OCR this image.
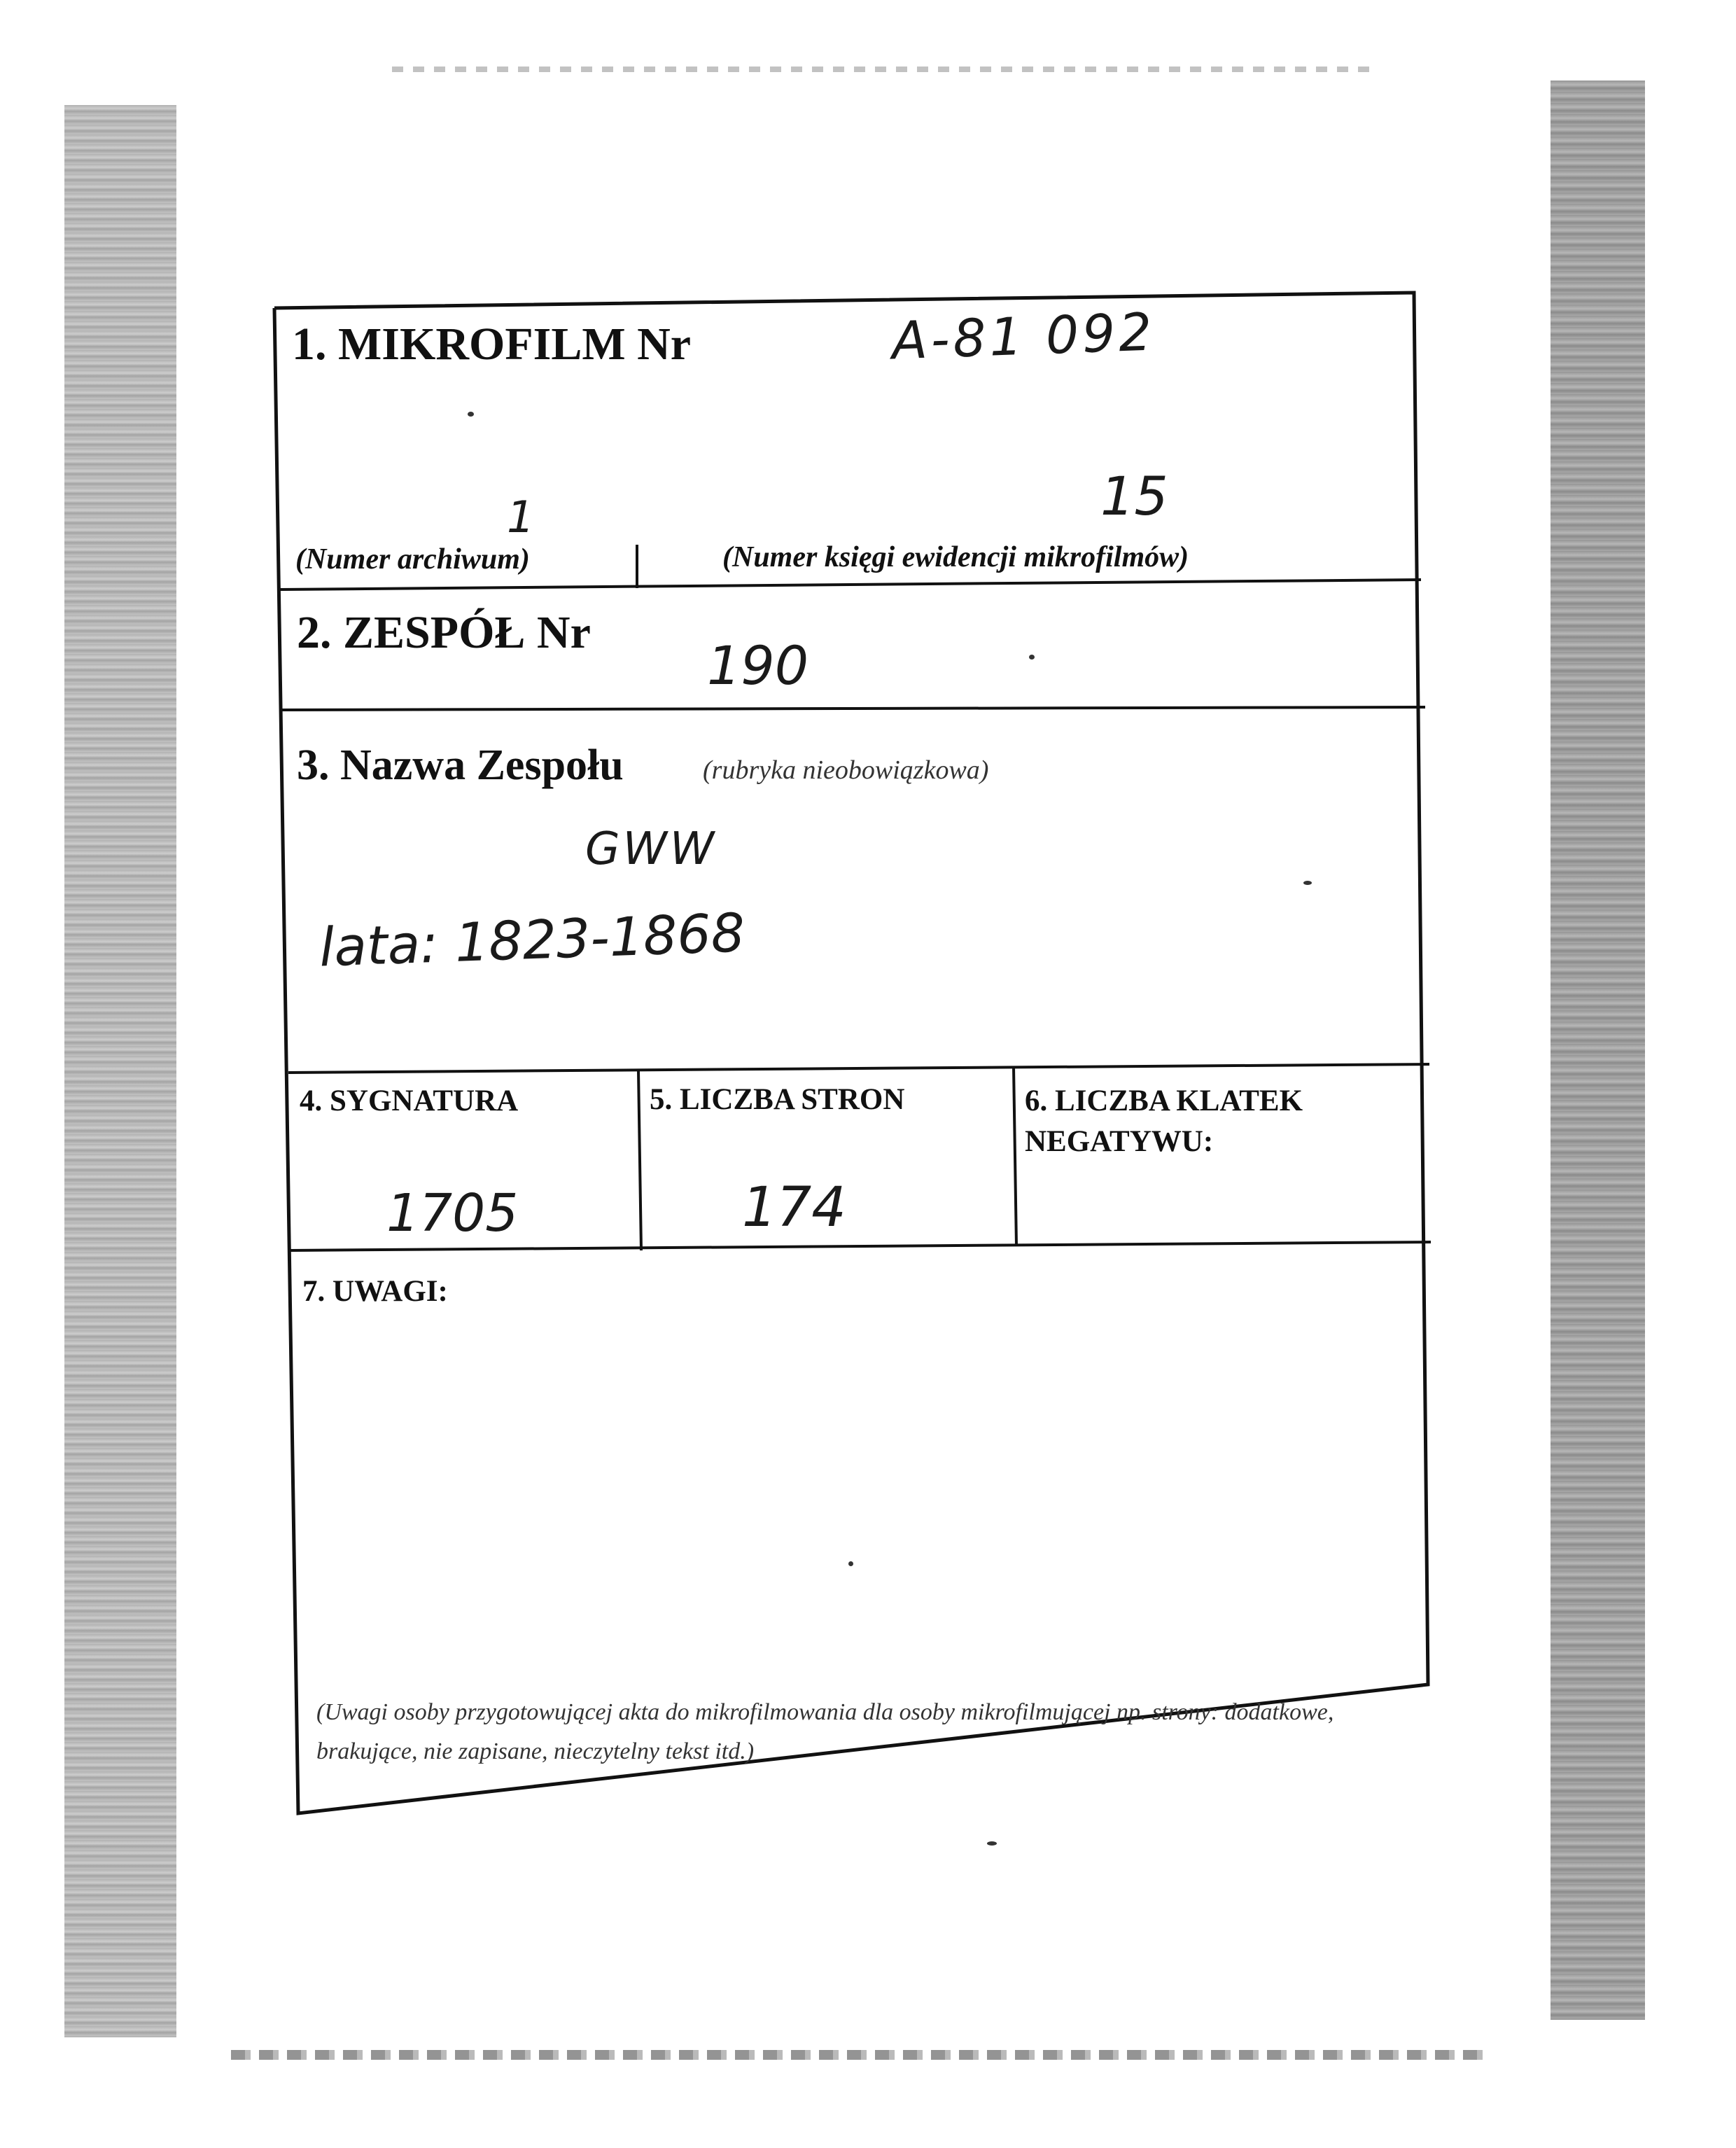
1. MIKROFILM Nr	A-81 092
1	15
(Numer archiwum)	(Numer księgi ewidencji mikrofilmów)
2. ZESPÓŁ Nr
190
3. Nazwa Zespołu	(rubryka nieobowiązkowa)
GWW
lata: 1823-1868
4. SYGNATURA
1705
5. LICZBA STRON
174
6. LICZBA KLATEK NEGATYWU:
7. UWAGI:
(Uwagi osoby przygotowującej akta do mikrofilmowania dla osoby mikrofilmującej np. strony: dodatkowe, brakujące, nie zapisane, nieczytelny tekst itd.)
